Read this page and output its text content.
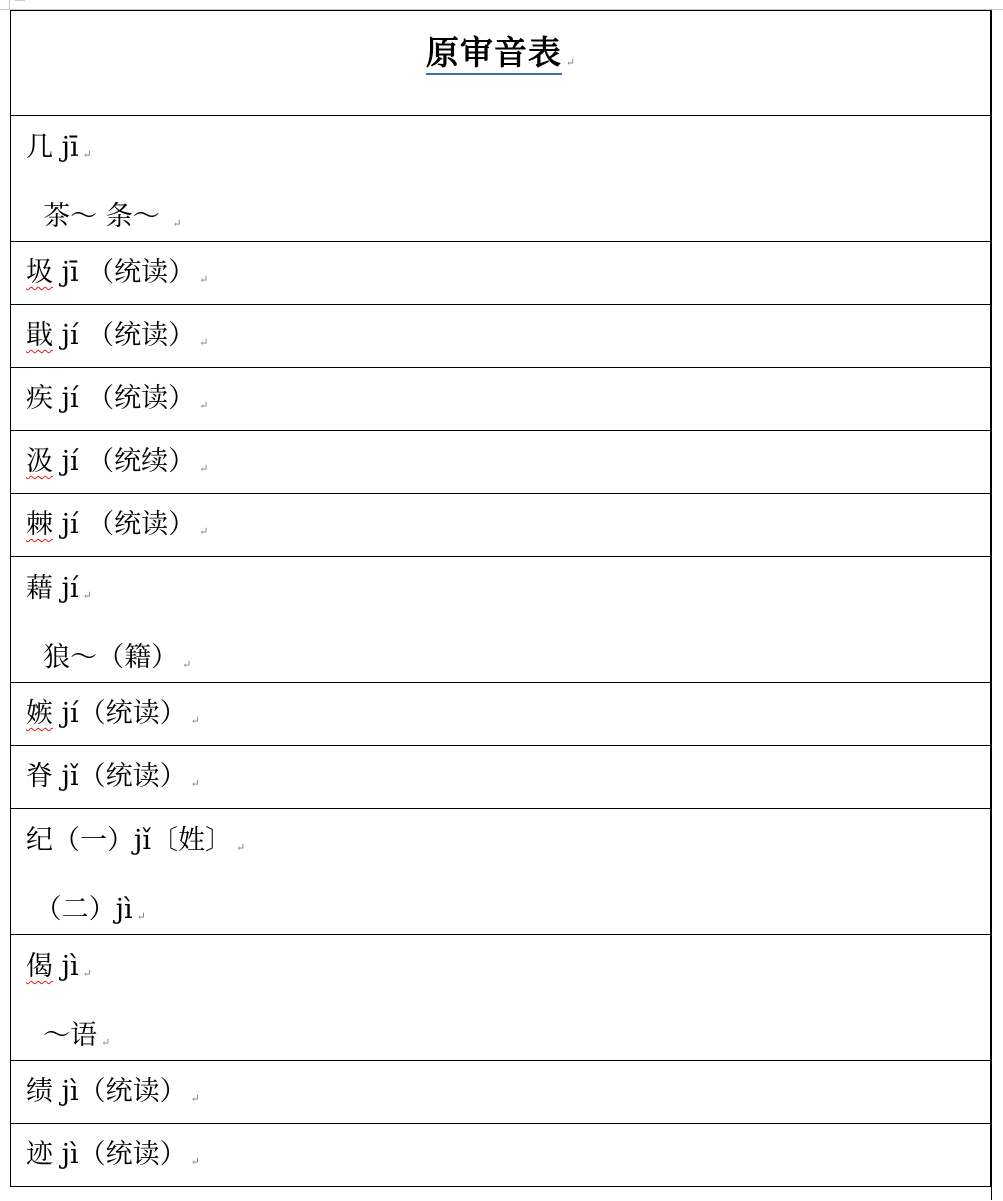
原审音表 ↵

几 jī ↵
茶～ 条～ ↵

圾 jī （统读） ↵

戢 jí （统读） ↵

疾 jí （统读） ↵

汲 jí （统续） ↵

棘 jí （统读） ↵

藉 jí ↵
狼～（籍） ↵

嫉 jí（统读） ↵

脊 jǐ（统读） ↵

纪（一）jǐ〔姓〕 ↵
（二）jì ↵

偈 jì ↵
～语 ↵

绩 jì（统读） ↵

迹 jì（统读） ↵
